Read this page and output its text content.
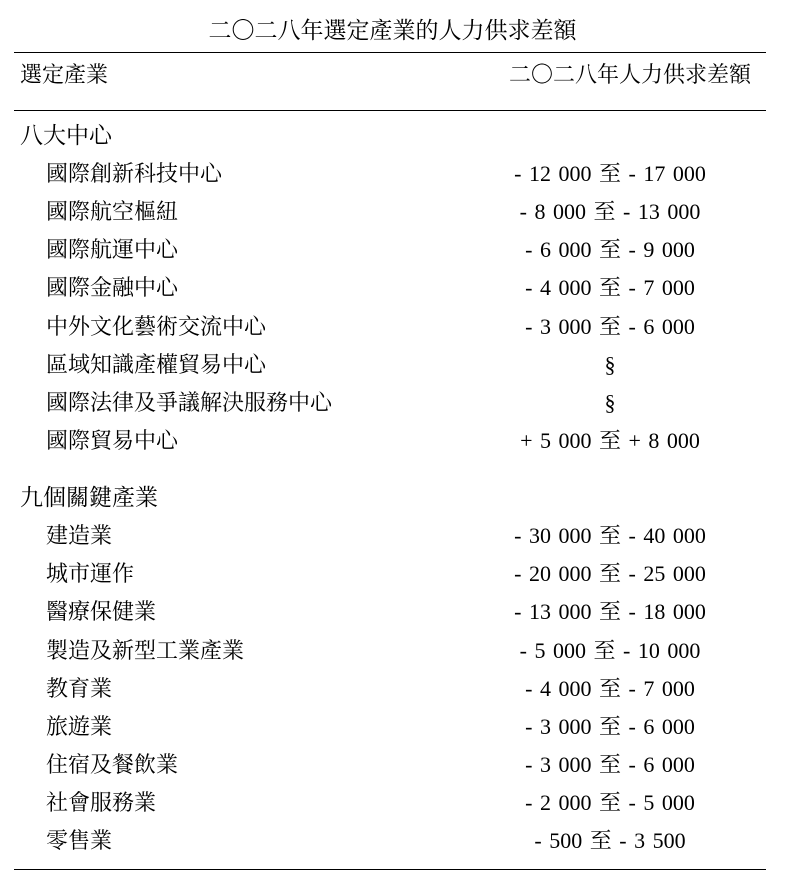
二〇二八年選定產業的人力供求差額
選定產業	二〇二八年人力供求差額
八大中心
國際創新科技中心	- 12 000 至 - 17 000
國際航空樞紐	- 8 000 至 - 13 000
國際航運中心	- 6 000 至 - 9 000
國際金融中心	- 4 000 至 - 7 000
中外文化藝術交流中心	- 3 000 至 - 6 000
區域知識產權貿易中心	§
國際法律及爭議解決服務中心	§
國際貿易中心	+ 5 000 至 + 8 000
九個關鍵產業
建造業	- 30 000 至 - 40 000
城市運作	- 20 000 至 - 25 000
醫療保健業	- 13 000 至 - 18 000
製造及新型工業產業	- 5 000 至 - 10 000
教育業	- 4 000 至 - 7 000
旅遊業	- 3 000 至 - 6 000
住宿及餐飲業	- 3 000 至 - 6 000
社會服務業	- 2 000 至 - 5 000
零售業	- 500 至 - 3 500
